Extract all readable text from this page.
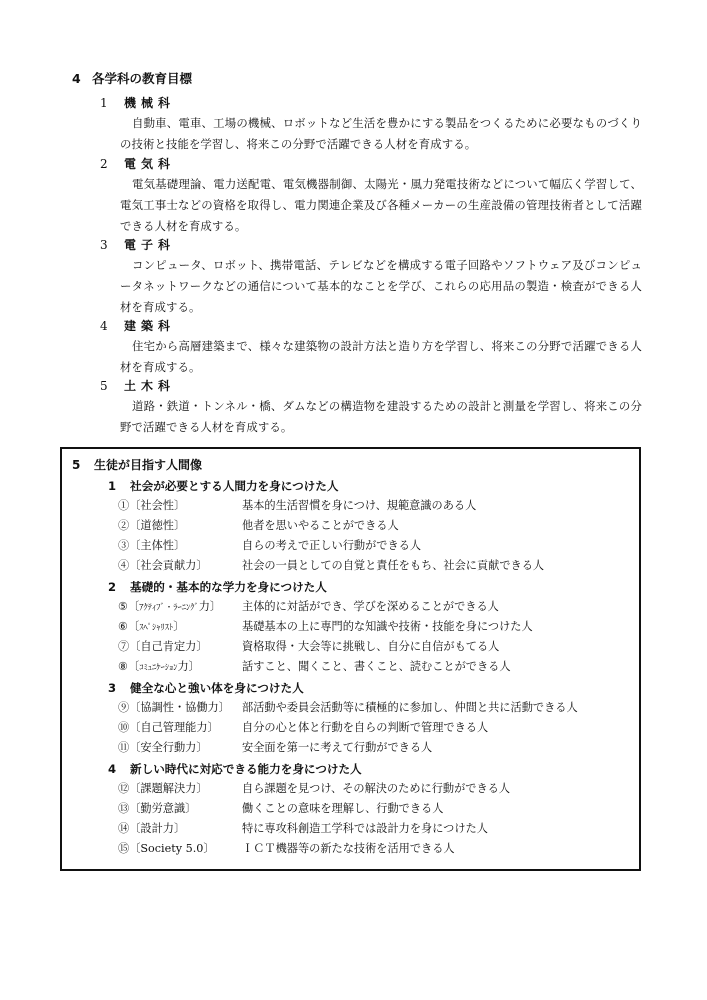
4 各学科の教育目標
1 機械科
自動車、電車、工場の機械、ロボットなど生活を豊かにする製品をつくるために必要なものづくりの技術と技能を学習し、将来この分野で活躍できる人材を育成する。
2 電気科
電気基礎理論、電力送配電、電気機器制御、太陽光・風力発電技術などについて幅広く学習して、電気工事士などの資格を取得し、電力関連企業及び各種メーカーの生産設備の管理技術者として活躍できる人材を育成する。
3 電子科
コンピュータ、ロボット、携帯電話、テレビなどを構成する電子回路やソフトウェア及びコンピュータネットワークなどの通信について基本的なことを学び、これらの応用品の製造・検査ができる人材を育成する。
4 建築科
住宅から高層建築まで、様々な建築物の設計方法と造り方を学習し、将来この分野で活躍できる人材を育成する。
5 土木科
道路・鉄道・トンネル・橋、ダムなどの構造物を建設するための設計と測量を学習し、将来この分野で活躍できる人材を育成する。
5 生徒が目指す人間像
1 社会が必要とする人間力を身につけた人
①〔社会性〕	基本的生活習慣を身につけ、規範意識のある人
②〔道徳性〕	他者を思いやることができる人
③〔主体性〕	自らの考えで正しい行動ができる人
④〔社会貢献力〕	社会の一員としての自覚と責任をもち、社会に貢献できる人
2 基礎的・基本的な学力を身につけた人
⑤〔ｱｸﾃｨﾌﾞ・ﾗｰﾆﾝｸﾞ力〕 主体的に対話ができ、学びを深めることができる人
⑥〔ｽﾍﾟｼｬﾘｽﾄ〕	基礎基本の上に専門的な知識や技術・技能を身につけた人
⑦〔自己肯定力〕	資格取得・大会等に挑戦し、自分に自信がもてる人
⑧〔ｺﾐｭﾆｹｰｼｮﾝ力〕	話すこと、聞くこと、書くこと、読むことができる人
3 健全な心と強い体を身につけた人
⑨〔協調性・協働力〕 部活動や委員会活動等に積極的に参加し、仲間と共に活動できる人
⑩〔自己管理能力〕 自分の心と体と行動を自らの判断で管理できる人
⑪〔安全行動力〕	安全面を第一に考えて行動ができる人
4 新しい時代に対応できる能力を身につけた人
⑫〔課題解決力〕	自ら課題を見つけ、その解決のために行動ができる人
⑬〔勤労意識〕	働くことの意味を理解し、行動できる人
⑭〔設計力〕	特に専攻科創造工学科では設計力を身につけた人
⑮〔Society 5.0〕 ＩＣＴ機器等の新たな技術を活用できる人
